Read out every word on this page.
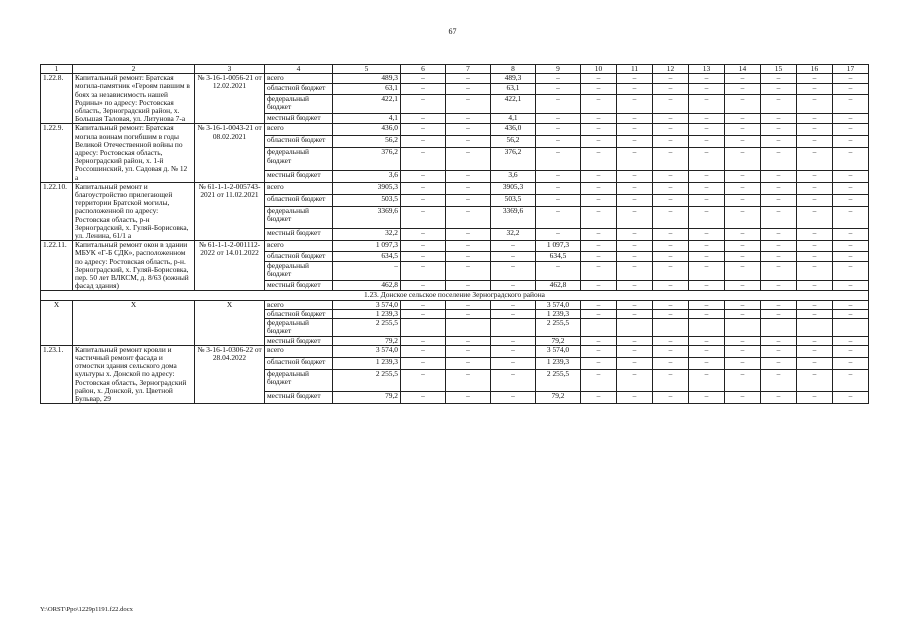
67
1	2	3	4	5	6	7	8	9	10	11	12	13	14	15	16	17
1.22.8.	Капитальный ремонт: Братская могила-памятник «Героям павшим в боях за независимость нашей Родины» по адресу: Ростовская область, Зерноградский район, х. Большая Таловая, ул. Литунова 7-а	№ 3-16-1-0056-21 от 12.02.2021	всего	489,3	–	–	489,3	–	–	–	–	–	–	–	–	–
			областной бюджет	63,1	–	–	63,1	–	–	–	–	–	–	–	–	–
			федеральный бюджет	422,1	–	–	422,1	–	–	–	–	–	–	–	–	–
			местный бюджет	4,1	–	–	4,1	–	–	–	–	–	–	–	–	–
1.22.9.	Капитальный ремонт: Братская могила воинам погибшим в годы Великой Отечественной войны по адресу: Ростовская область, Зерноградский район, х. 1-й Россошинский, ул. Садовая д. № 12 а	№ 3-16-1-0043-21 от 08.02.2021	всего	436,0	–	–	436,0	–	–	–	–	–	–	–	–	–
			областной бюджет	56,2	–	–	56,2	–	–	–	–	–	–	–	–	–
			федеральный бюджет	376,2	–	–	376,2	–	–	–	–	–	–	–	–	–
			местный бюджет	3,6	–	–	3,6	–	–	–	–	–	–	–	–	–
1.22.10.	Капитальный ремонт и благоустройство прилегающей территории Братской могилы, расположенной по адресу: Ростовская область, р-н Зерноградский, х. Гуляй-Борисовка, ул. Ленина, 61/1 а	№ 61-1-1-2-005743-2021 от 11.02.2021	всего	3905,3	–	–	3905,3	–	–	–	–	–	–	–	–	–
			областной бюджет	503,5	–	–	503,5	–	–	–	–	–	–	–	–	–
			федеральный бюджет	3369,6	–	–	3369,6	–	–	–	–	–	–	–	–	–
			местный бюджет	32,2	–	–	32,2	–	–	–	–	–	–	–	–	–
1.22.11.	Капитальный ремонт окон в здании МБУК «Г-Б СДК», расположенном по адресу: Ростовская область, р-н. Зерноградский, х. Гуляй-Борисовка, пер. 50 лет ВЛКСМ, д. 8/63 (южный фасад здания)	№ 61-1-1-2-001112-2022 от 14.01.2022	всего	1 097,3	–	–	–	1 097,3	–	–	–	–	–	–	–	–
			областной бюджет	634,5	–	–	–	634,5	–	–	–	–	–	–	–	–
			федеральный бюджет	–	–	–	–	–	–	–	–	–	–	–	–	–
			местный бюджет	462,8	–	–	–	462,8	–	–	–	–	–	–	–	–
1.23. Донское сельское поселение Зерноградского района																
Х	Х	Х	всего	3 574,0	–	–	–	3 574,0	–	–	–	–	–	–	–	–
			областной бюджет	1 239,3	–	–	–	1 239,3	–	–	–	–	–	–	–	–
			федеральный бюджет	2 255,5				2 255,5								
			местный бюджет	79,2	–	–	–	79,2	–	–	–	–	–	–	–	–
1.23.1.	Капитальный ремонт кровли и частичный ремонт фасада и отмостки здания сельского дома культуры х. Донской по адресу: Ростовская область, Зерноградский район, х. Донской, ул. Цветной Бульвар, 29	№ 3-16-1-0306-22 от 28.04.2022	всего	3 574,0	–	–	–	3 574,0	–	–	–	–	–	–	–	–
			областной бюджет	1 239,3	–	–	–	1 239,3	–	–	–	–	–	–	–	–
			федеральный бюджет	2 255,5	–	–	–	2 255,5	–	–	–	–	–	–	–	–
			местный бюджет	79,2	–	–	–	79,2	–	–	–	–	–	–	–	–
Y:\ORST\Ppo\1229p1191.f22.docx
